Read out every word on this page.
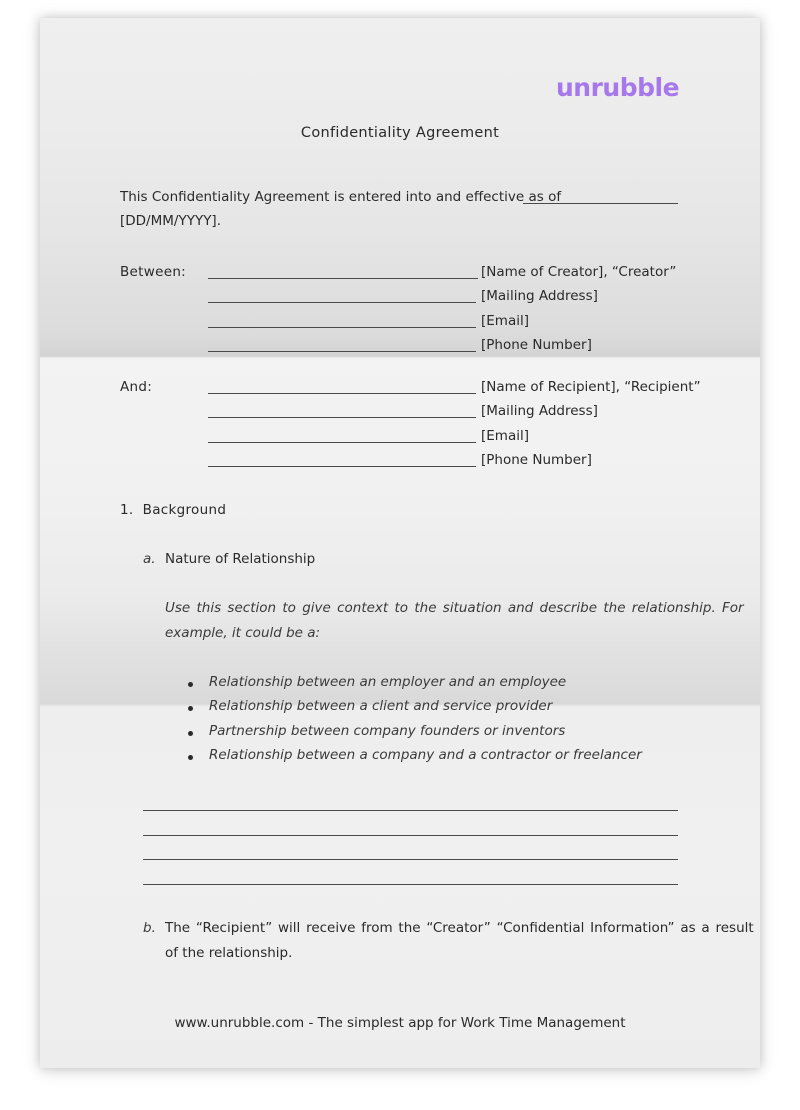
unrubble
Confidentiality Agreement
This Confidentiality Agreement is entered into and effective as of
[DD/MM/YYYY].
Between:	[Name of Creator], “Creator”
[Mailing Address]
[Email]
[Phone Number]
And:	[Name of Recipient], “Recipient”
[Mailing Address]
[Email]
[Phone Number]
1.  Background
a. Nature of Relationship
Use this section to give context to the situation and describe the relationship. For
example, it could be a:
Relationship between an employer and an employee
Relationship between a client and service provider
Partnership between company founders or inventors
Relationship between a company and a contractor or freelancer
b. The “Recipient” will receive from the “Creator” “Confidential Information” as a result
of the relationship.
www.unrubble.com - The simplest app for Work Time Management
